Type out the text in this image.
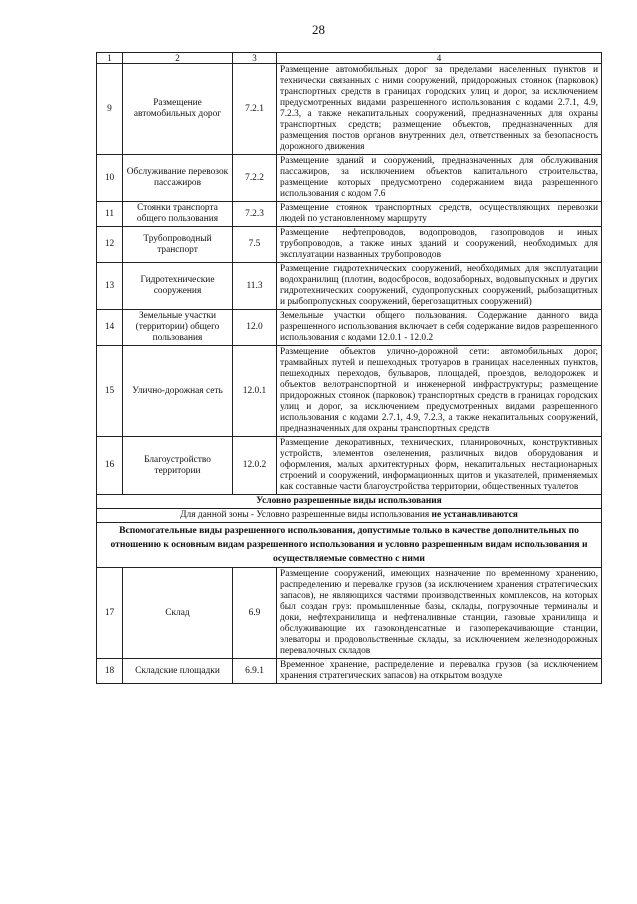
28
1	2	3	4
9	Размещение автомобильных дорог	7.2.1	Размещение автомобильных дорог за пределами населенных пунктов и технически связанных с ними сооружений, придорожных стоянок (парковок) транспортных средств в границах городских улиц и дорог, за исключением предусмотренных видами разрешенного использования с кодами 2.7.1, 4.9, 7.2.3, а также некапитальных сооружений, предназначенных для охраны транспортных средств; размещение объектов, предназначенных для размещения постов органов внутренних дел, ответственных за безопасность дорожного движения
10	Обслуживание перевозок пассажиров	7.2.2	Размещение зданий и сооружений, предназначенных для обслуживания пассажиров, за исключением объектов капитального строительства, размещение которых предусмотрено содержанием вида разрешенного использования с кодом 7.6
11	Стоянки транспорта общего пользования	7.2.3	Размещение стоянок транспортных средств, осуществляющих перевозки людей по установленному маршруту
12	Трубопроводный транспорт	7.5	Размещение нефтепроводов, водопроводов, газопроводов и иных трубопроводов, а также иных зданий и сооружений, необходимых для эксплуатации названных трубопроводов
13	Гидротехнические сооружения	11.3	Размещение гидротехнических сооружений, необходимых для эксплуатации водохранилищ (плотин, водосбросов, водозаборных, водовыпускных и других гидротехнических сооружений, судопропускных сооружений, рыбозащитных и рыбопропускных сооружений, берегозащитных сооружений)
14	Земельные участки (территории) общего пользования	12.0	Земельные участки общего пользования. Содержание данного вида разрешенного использования включает в себя содержание видов разрешенного использования с кодами 12.0.1 - 12.0.2
15	Улично-дорожная сеть	12.0.1	Размещение объектов улично-дорожной сети: автомобильных дорог, трамвайных путей и пешеходных тротуаров в границах населенных пунктов, пешеходных переходов, бульваров, площадей, проездов, велодорожек и объектов велотранспортной и инженерной инфраструктуры; размещение придорожных стоянок (парковок) транспортных средств в границах городских улиц и дорог, за исключением предусмотренных видами разрешенного использования с кодами 2.7.1, 4.9, 7.2.3, а также некапитальных сооружений, предназначенных для охраны транспортных средств
16	Благоустройство территории	12.0.2	Размещение декоративных, технических, планировочных, конструктивных устройств, элементов озеленения, различных видов оборудования и оформления, малых архитектурных форм, некапитальных нестационарных строений и сооружений, информационных щитов и указателей, применяемых как составные части благоустройства территории, общественных туалетов
Условно разрешенные виды использования			
Для данной зоны - Условно разрешенные виды использования не устанавливаются			
Вспомогательные виды разрешенного использования, допустимые только в качестве дополнительных по отношению к основным видам разрешенного использования и условно разрешенным видам использования и осуществляемые совместно с ними			
17	Склад	6.9	Размещение сооружений, имеющих назначение по временному хранению, распределению и перевалке грузов (за исключением хранения стратегических запасов), не являющихся частями производственных комплексов, на которых был создан груз: промышленные базы, склады, погрузочные терминалы и доки, нефтехранилища и нефтеналивные станции, газовые хранилища и обслуживающие их газоконденсатные и газоперекачивающие станции, элеваторы и продовольственные склады, за исключением железнодорожных перевалочных складов
18	Складские площадки	6.9.1	Временное хранение, распределение и перевалка грузов (за исключением хранения стратегических запасов) на открытом воздухе
